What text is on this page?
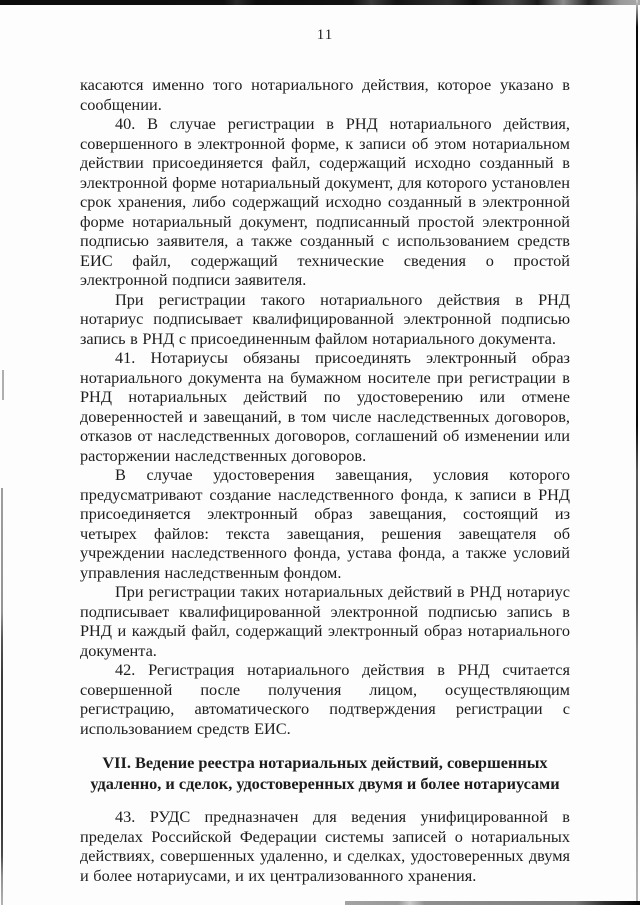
11

касаются именно того нотариального действия, которое указано в сообщении.

40. В случае регистрации в РНД нотариального действия, совершенного в электронной форме, к записи об этом нотариальном действии присоединяется файл, содержащий исходно созданный в электронной форме нотариальный документ, для которого установлен срок хранения, либо содержащий исходно созданный в электронной форме нотариальный документ, подписанный простой электронной подписью заявителя, а также созданный с использованием средств ЕИС файл, содержащий технические сведения о простой электронной подписи заявителя.

При регистрации такого нотариального действия в РНД нотариус подписывает квалифицированной электронной подписью запись в РНД с присоединенным файлом нотариального документа.

41. Нотариусы обязаны присоединять электронный образ нотариального документа на бумажном носителе при регистрации в РНД нотариальных действий по удостоверению или отмене доверенностей и завещаний, в том числе наследственных договоров, отказов от наследственных договоров, соглашений об изменении или расторжении наследственных договоров.

В случае удостоверения завещания, условия которого предусматривают создание наследственного фонда, к записи в РНД присоединяется электронный образ завещания, состоящий из четырех файлов: текста завещания, решения завещателя об учреждении наследственного фонда, устава фонда, а также условий управления наследственным фондом.

При регистрации таких нотариальных действий в РНД нотариус подписывает квалифицированной электронной подписью запись в РНД и каждый файл, содержащий электронный образ нотариального документа.

42. Регистрация нотариального действия в РНД считается совершенной после получения лицом, осуществляющим регистрацию, автоматического подтверждения регистрации с использованием средств ЕИС.

VII. Ведение реестра нотариальных действий, совершенных удаленно, и сделок, удостоверенных двумя и более нотариусами

43. РУДС предназначен для ведения унифицированной в пределах Российской Федерации системы записей о нотариальных действиях, совершенных удаленно, и сделках, удостоверенных двумя и более нотариусами, и их централизованного хранения.
